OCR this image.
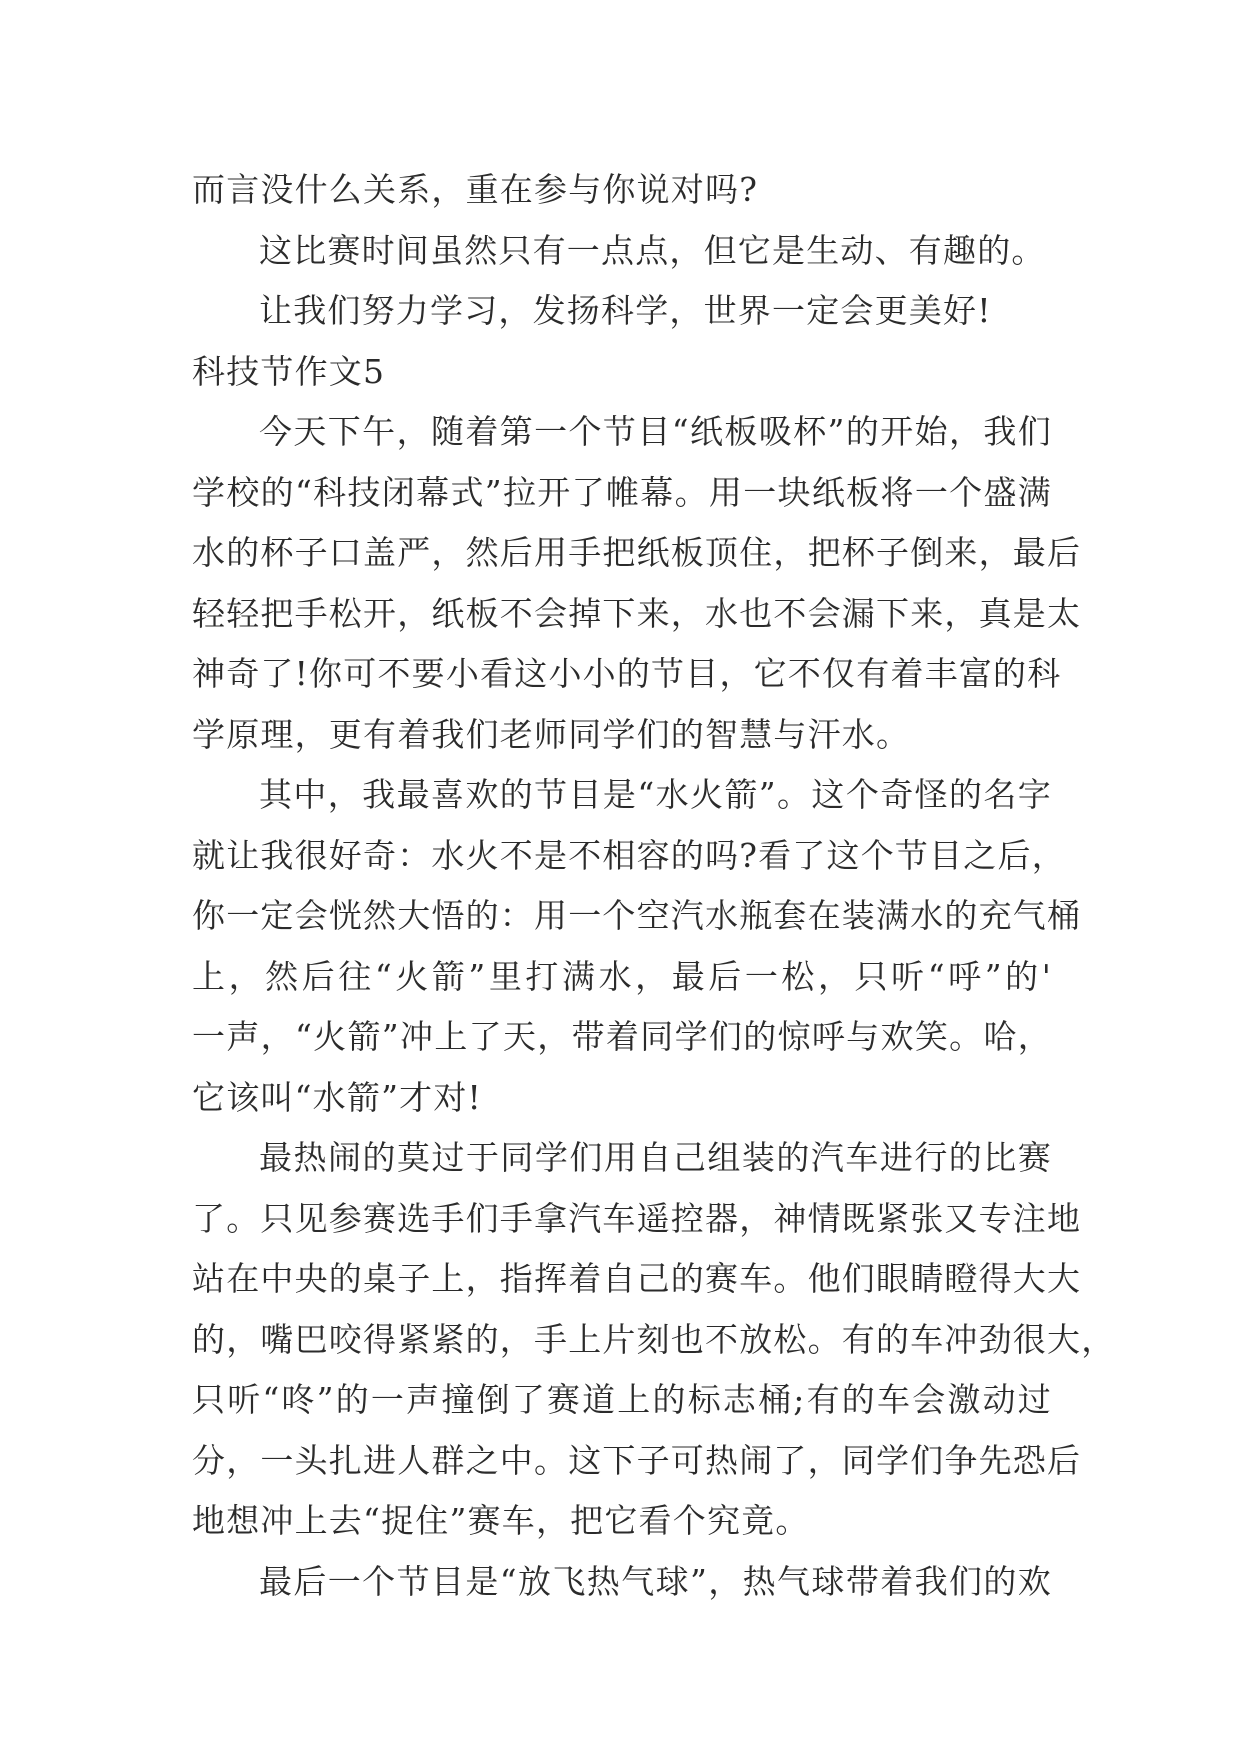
而言没什么关系，重在参与你说对吗?
这比赛时间虽然只有一点点，但它是生动、有趣的。
让我们努力学习，发扬科学，世界一定会更美好!
科技节作文5
今天下午，随着第一个节目“纸板吸杯”的开始，我们
学校的“科技闭幕式”拉开了帷幕。用一块纸板将一个盛满
水的杯子口盖严，然后用手把纸板顶住，把杯子倒来，最后
轻轻把手松开，纸板不会掉下来，水也不会漏下来，真是太
神奇了!你可不要小看这小小的节目，它不仅有着丰富的科
学原理，更有着我们老师同学们的智慧与汗水。
其中，我最喜欢的节目是“水火箭”。这个奇怪的名字
就让我很好奇：水火不是不相容的吗?看了这个节目之后，
你一定会恍然大悟的：用一个空汽水瓶套在装满水的充气桶
上，然后往“火箭”里打满水，最后一松，只听“呼”的'
一声，“火箭”冲上了天，带着同学们的惊呼与欢笑。哈，
它该叫“水箭”才对!
最热闹的莫过于同学们用自己组装的汽车进行的比赛
了。只见参赛选手们手拿汽车遥控器，神情既紧张又专注地
站在中央的桌子上，指挥着自己的赛车。他们眼睛瞪得大大
的，嘴巴咬得紧紧的，手上片刻也不放松。有的车冲劲很大，
只听“咚”的一声撞倒了赛道上的标志桶;有的车会激动过
分，一头扎进人群之中。这下子可热闹了，同学们争先恐后
地想冲上去“捉住”赛车，把它看个究竟。
最后一个节目是“放飞热气球”，热气球带着我们的欢
